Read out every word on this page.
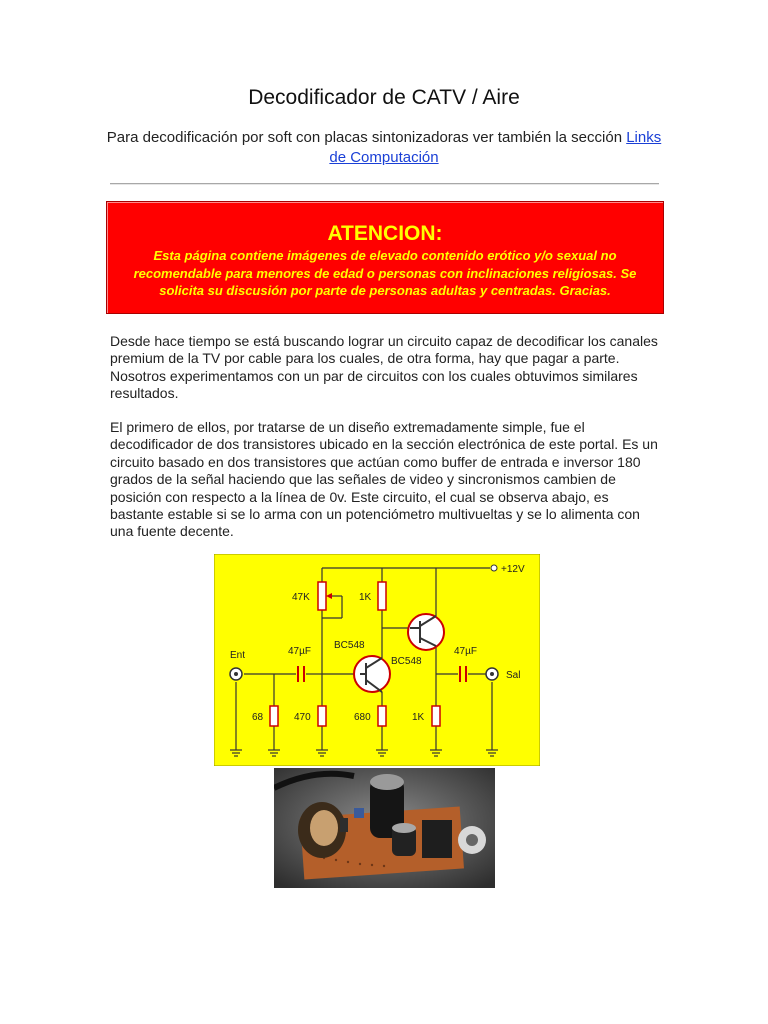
Decodificador de CATV / Aire
Para decodificación por soft con placas sintonizadoras ver también la sección Links de Computación
ATENCION:
Esta página contiene imágenes de elevado contenido erótico y/o sexual no recomendable para menores de edad o personas con inclinaciones religiosas. Se solicita su discusión por parte de personas adultas y centradas. Gracias.
Desde hace tiempo se está buscando lograr un circuito capaz de decodificar los canales premium de la TV por cable para los cuales, de otra forma, hay que pagar a parte. Nosotros experimentamos con un par de circuitos con los cuales obtuvimos similares resultados.
El primero de ellos, por tratarse de un diseño extremadamente simple, fue el decodificador de dos transistores ubicado en la sección electrónica de este portal. Es un circuito basado en dos transistores que actúan como buffer de entrada e inversor 180 grados de la señal haciendo que las señales de video y sincronismos cambien de posición con respecto a la línea de 0v. Este circuito, el cual se observa abajo, es bastante estable si se lo arma con un potenciómetro multivueltas y se lo alimenta con una fuente decente.
+12V
47K	1K
47µF
BC548
BC548
47µF
Ent
Sal
68	470	680	1K
